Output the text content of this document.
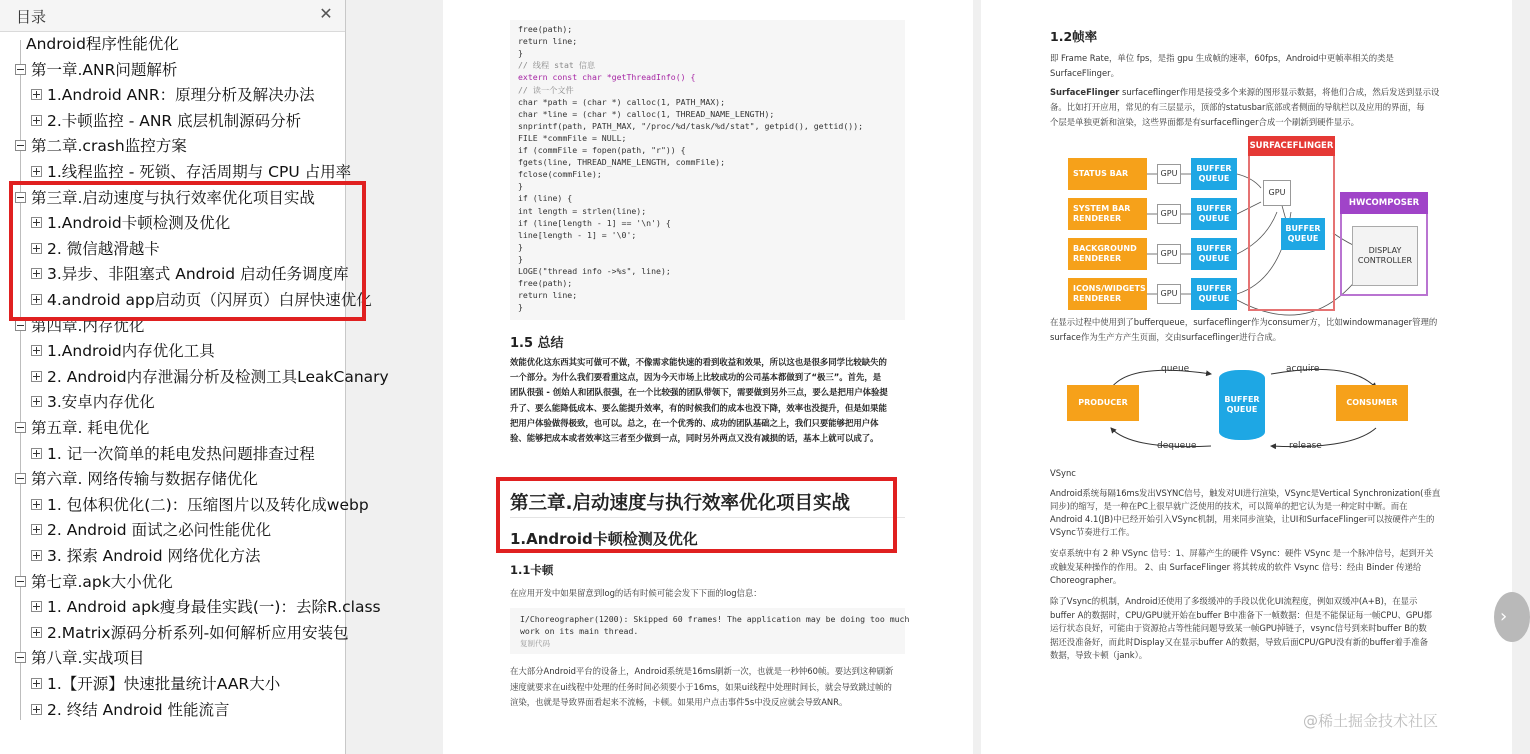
目录	✕
Android程序性能优化
第一章.ANR问题解析
1.Android ANR：原理分析及解决办法
2.卡顿监控 - ANR 底层机制源码分析
第二章.crash监控方案
1.线程监控 - 死锁、存活周期与 CPU 占用率
第三章.启动速度与执行效率优化项目实战
1.Android卡顿检测及优化
2. 微信越滑越卡
3.异步、非阻塞式 Android 启动任务调度库
4.android app启动页（闪屏页）白屏快速优化
第四章.内存优化
1.Android内存优化工具
2. Android内存泄漏分析及检测工具LeakCanary
3.安卓内存优化
第五章. 耗电优化
1. 记一次简单的耗电发热问题排查过程
第六章. 网络传输与数据存储优化
1. 包体积优化(二)：压缩图片以及转化成webp
2. Android 面试之必问性能优化
3. 探索 Android 网络优化方法
第七章.apk大小优化
1. Android apk瘦身最佳实践(一)：去除R.class
2.Matrix源码分析系列-如何解析应用安装包
第八章.实战项目
1.【开源】快速批量统计AAR大小
2. 终结 Android 性能流言
free(path);
return line;
}
// 线程 stat 信息
extern const char *getThreadInfo() {
// 读一个文件
char *path = (char *) calloc(1, PATH_MAX);
char *line = (char *) calloc(1, THREAD_NAME_LENGTH);
snprintf(path, PATH_MAX, "/proc/%d/task/%d/stat", getpid(), gettid());
FILE *commFile = NULL;
if (commFile = fopen(path, "r")) {
fgets(line, THREAD_NAME_LENGTH, commFile);
fclose(commFile);
}
if (line) {
int length = strlen(line);
if (line[length - 1] == '\n') {
line[length - 1] = '\0';
}
}
LOGE("thread info ->%s", line);
free(path);
return line;
}
1.5 总结
效能优化这东西其实可做可不做，不像需求能快速的看到收益和效果，所以这也是很多同学比较缺失的
一个部分。为什么我们要看重这点，因为今天市场上比较成功的公司基本都做到了“极三”。首先，是
团队很强 - 创始人和团队很强，在一个比较强的团队带领下，需要做到另外三点，要么是把用户体验提
升了、要么能降低成本、要么能提升效率，有的时候我们的成本也没下降，效率也没提升，但是如果能
把用户体验做得极致，也可以。总之，在一个优秀的、成功的团队基础之上，我们只要能够把用户体
验、能够把成本或者效率这三者至少做到一点，同时另外两点又没有减损的话，基本上就可以成了。
第三章.启动速度与执行效率优化项目实战
1.Android卡顿检测及优化
1.1卡顿
在应用开发中如果留意到log的话有时候可能会发下下面的log信息：
I/Choreographer(1200): Skipped 60 frames! The application may be doing too much
work on its main thread.
复制代码
在大部分Android平台的设备上，Android系统是16ms刷新一次，也就是一秒钟60帧。要达到这种刷新
速度就要求在ui线程中处理的任务时间必须要小于16ms，如果ui线程中处理时间长，就会导致跳过帧的
渲染，也就是导致界面看起来不流畅，卡顿。如果用户点击事件5s中没反应就会导致ANR。
1.2帧率
即 Frame Rate，单位 fps，是指 gpu 生成帧的速率，60fps，Android中更帧率相关的类是
SurfaceFlinger。
SurfaceFlinger surfaceflinger作用是接受多个来源的图形显示数据，将他们合成，然后发送到显示设
备。比如打开应用，常见的有三层显示，顶部的statusbar底部或者侧面的导航栏以及应用的界面，每
个层是单独更新和渲染，这些界面都是有surfaceflinger合成一个刷新到硬件显示。
SURFACEFLINGER
HWCOMPOSER
STATUS BAR
SYSTEM BAR RENDERER
BACKGROUND RENDERER
ICONS/WIDGETS RENDERER
GPU
GPU
GPU
GPU
GPU
BUFFER QUEUE
BUFFER QUEUE
BUFFER QUEUE
BUFFER QUEUE
BUFFER QUEUE
DISPLAY CONTROLLER
在显示过程中使用到了bufferqueue，surfaceflinger作为consumer方，比如windowmanager管理的
surface作为生产方产生页面，交由surfaceflinger进行合成。
PRODUCER	CONSUMER
BUFFER QUEUE
queue	acquire
dequeue	release
VSync
Android系统每隔16ms发出VSYNC信号，触发对UI进行渲染，VSync是Vertical Synchronization(垂直
同步)的缩写，是一种在PC上很早就广泛使用的技术，可以简单的把它认为是一种定时中断。而在
Android 4.1(JB)中已经开始引入VSync机制，用来同步渲染，让UI和SurfaceFlinger可以按硬件产生的
VSync节奏进行工作。
安卓系统中有 2 种 VSync 信号：1、屏幕产生的硬件 VSync：硬件 VSync 是一个脉冲信号，起到开关
或触发某种操作的作用。 2、由 SurfaceFlinger 将其转成的软件 Vsync 信号：经由 Binder 传递给
Choreographer。
除了Vsync的机制，Android还使用了多级缓冲的手段以优化UI流程度，例如双缓冲(A+B)，在显示
buffer A的数据时，CPU/GPU就开始在buffer B中准备下一帧数据：但是不能保证每一帧CPU、GPU都
运行状态良好，可能由于资源抢占等性能问题导致某一帧GPU掉链子，vsync信号到来时buffer B的数
据还没准备好，而此时Display又在显示buffer A的数据，导致后面CPU/GPU没有新的buffer着手准备
数据，导致卡顿（jank）。
@稀土掘金技术社区
›
